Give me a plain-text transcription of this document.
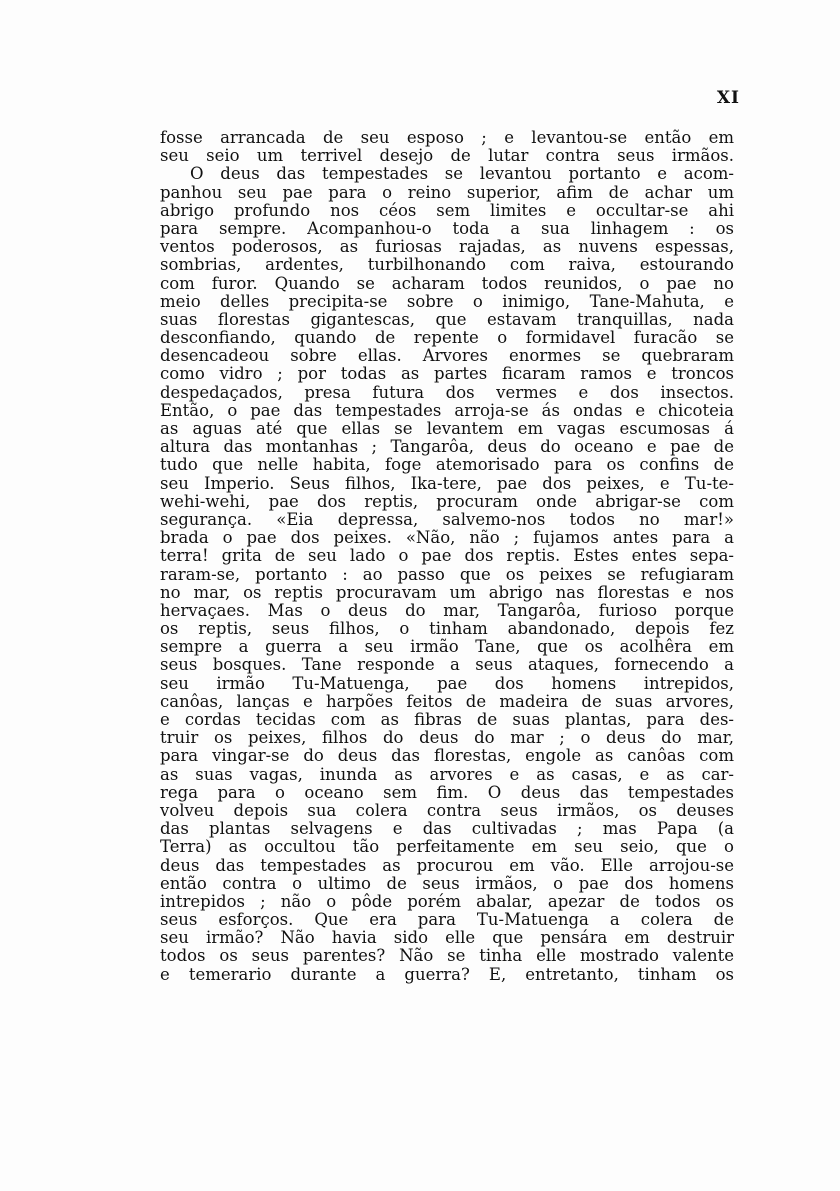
XI
fosse arrancada de seu esposo ; e levantou-se então em
seu seio um terrivel desejo de lutar contra seus irmãos.
O deus das tempestades se levantou portanto e acom-
panhou seu pae para o reino superior, afim de achar um
abrigo profundo nos céos sem limites e occultar-se ahi
para sempre. Acompanhou-o toda a sua linhagem : os
ventos poderosos, as furiosas rajadas, as nuvens espessas,
sombrias, ardentes, turbilhonando com raiva, estourando
com furor. Quando se acharam todos reunidos, o pae no
meio delles precipita-se sobre o inimigo, Tane-Mahuta, e
suas florestas gigantescas, que estavam tranquillas, nada
desconfiando, quando de repente o formidavel furacão se
desencadeou sobre ellas. Arvores enormes se quebraram
como vidro ; por todas as partes ficaram ramos e troncos
despedaçados, presa futura dos vermes e dos insectos.
Então, o pae das tempestades arroja-se ás ondas e chicoteia
as aguas até que ellas se levantem em vagas escumosas á
altura das montanhas ; Tangarôa, deus do oceano e pae de
tudo que nelle habita, foge atemorisado para os confins de
seu Imperio. Seus filhos, Ika-tere, pae dos peixes, e Tu-te-
wehi-wehi, pae dos reptis, procuram onde abrigar-se com
segurança. «Eia depressa, salvemo-nos todos no mar!»
brada o pae dos peixes. «Não, não ; fujamos antes para a
terra! grita de seu lado o pae dos reptis. Estes entes sepa-
raram-se, portanto : ao passo que os peixes se refugiaram
no mar, os reptis procuravam um abrigo nas florestas e nos
hervaçaes. Mas o deus do mar, Tangarôa, furioso porque
os reptis, seus filhos, o tinham abandonado, depois fez
sempre a guerra a seu irmão Tane, que os acolhêra em
seus bosques. Tane responde a seus ataques, fornecendo a
seu irmão Tu-Matuenga, pae dos homens intrepidos,
canôas, lanças e harpões feitos de madeira de suas arvores,
e cordas tecidas com as fibras de suas plantas, para des-
truir os peixes, filhos do deus do mar ; o deus do mar,
para vingar-se do deus das florestas, engole as canôas com
as suas vagas, inunda as arvores e as casas, e as car-
rega para o oceano sem fim. O deus das tempestades
volveu depois sua colera contra seus irmãos, os deuses
das plantas selvagens e das cultivadas ; mas Papa (a
Terra) as occultou tão perfeitamente em seu seio, que o
deus das tempestades as procurou em vão. Elle arrojou-se
então contra o ultimo de seus irmãos, o pae dos homens
intrepidos ; não o pôde porém abalar, apezar de todos os
seus esforços. Que era para Tu-Matuenga a colera de
seu irmão? Não havia sido elle que pensára em destruir
todos os seus parentes? Não se tinha elle mostrado valente
e temerario durante a guerra? E, entretanto, tinham os
